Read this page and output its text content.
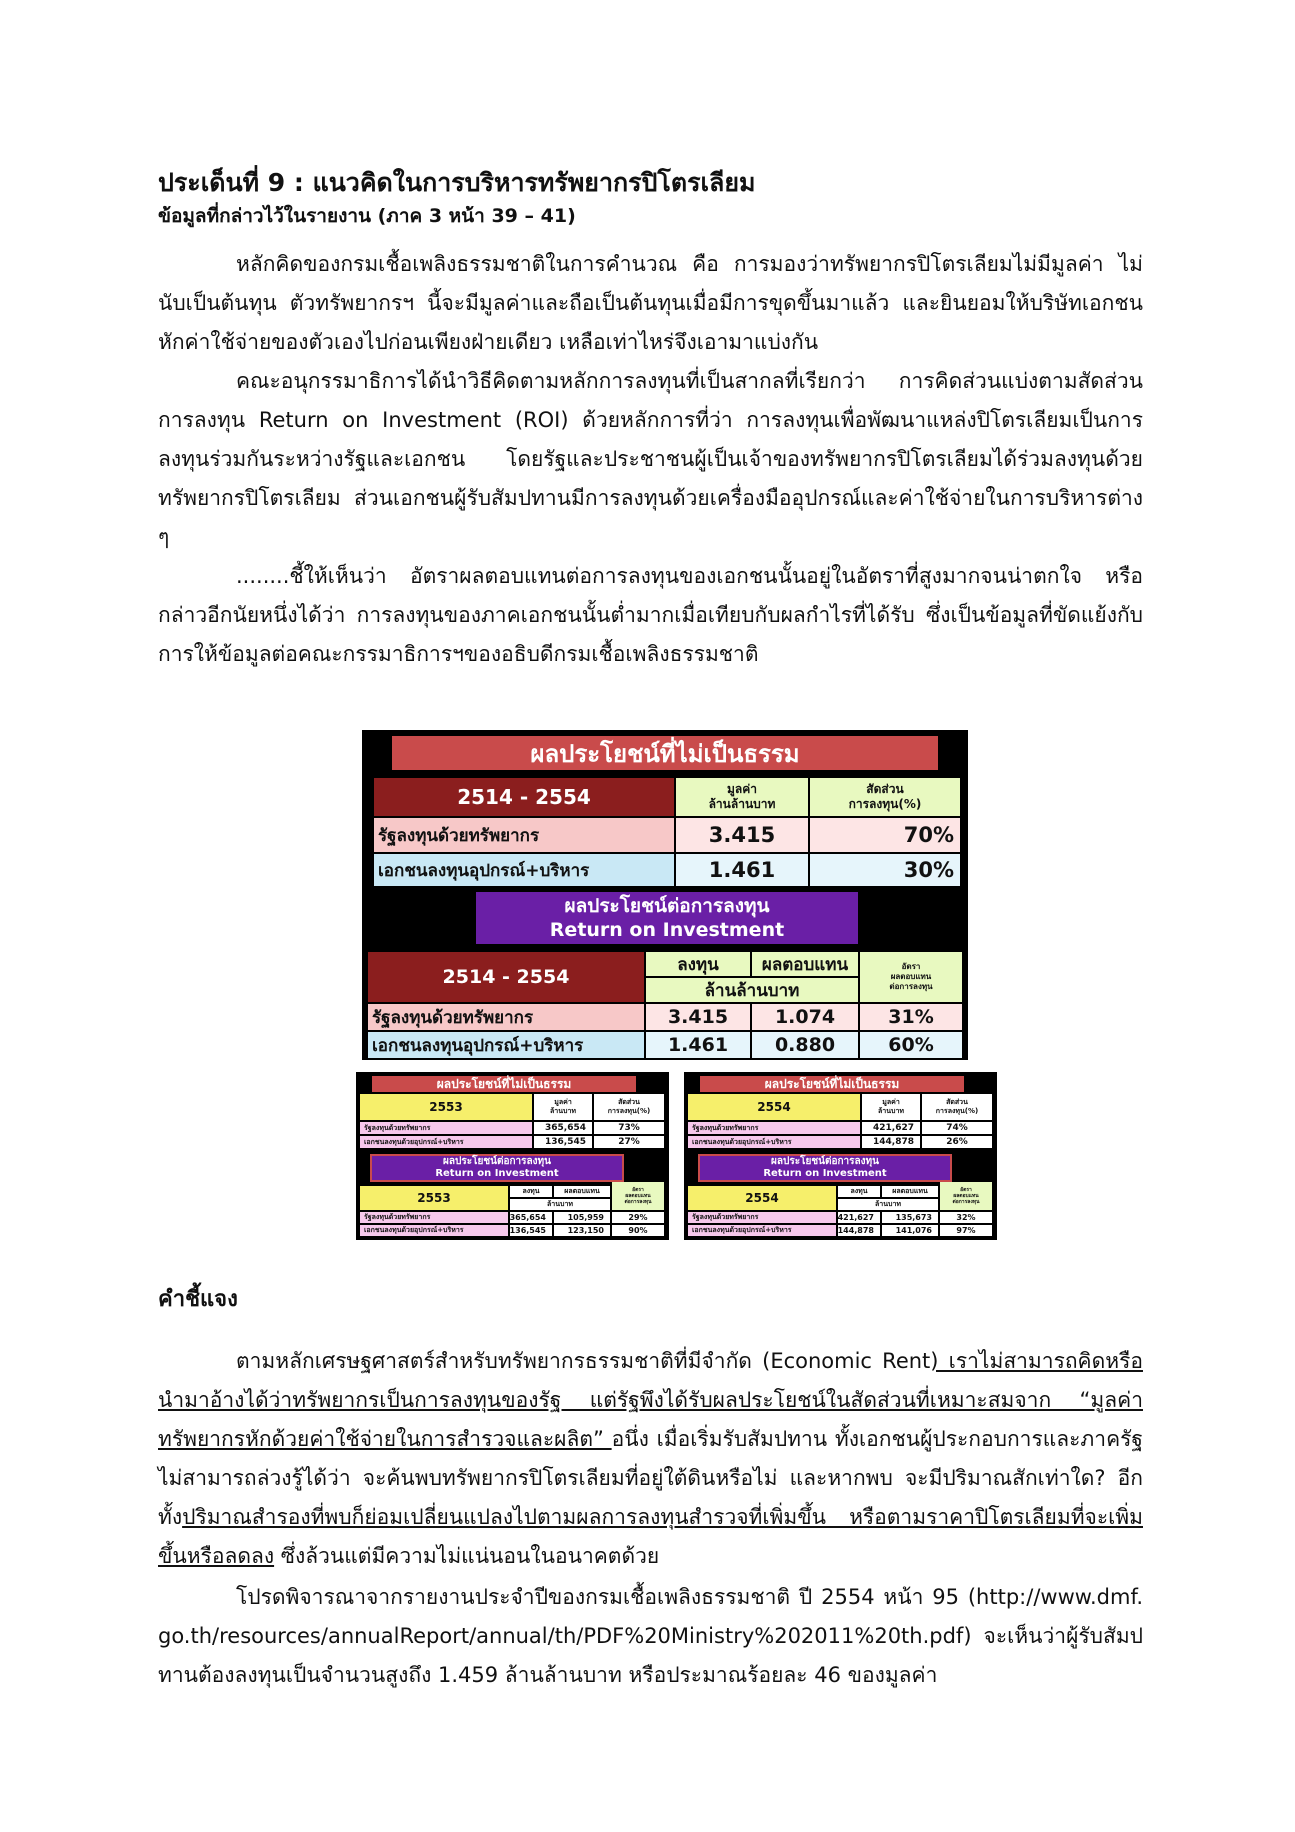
ประเด็นที่ 9 : แนวคิดในการบริหารทรัพยากรปิโตรเลียม
ข้อมูลที่กล่าวไว้ในรายงาน (ภาค 3 หน้า 39 – 41)

หลักคิดของกรมเชื้อเพลิงธรรมชาติในการคำนวณ คือ การมองว่าทรัพยากรปิโตรเลียมไม่มีมูลค่า ไม่นับเป็นต้นทุน ตัวทรัพยากรฯ นี้จะมีมูลค่าและถือเป็นต้นทุนเมื่อมีการขุดขึ้นมาแล้ว และยินยอมให้บริษัทเอกชนหักค่าใช้จ่ายของตัวเองไปก่อนเพียงฝ่ายเดียว เหลือเท่าไหร่จึงเอามาแบ่งกัน

คณะอนุกรรมาธิการได้นำวิธีคิดตามหลักการลงทุนที่เป็นสากลที่เรียกว่า การคิดส่วนแบ่งตามสัดส่วนการลงทุน Return on Investment (ROI) ด้วยหลักการที่ว่า การลงทุนเพื่อพัฒนาแหล่งปิโตรเลียมเป็นการลงทุนร่วมกันระหว่างรัฐและเอกชน โดยรัฐและประชาชนผู้เป็นเจ้าของทรัพยากรปิโตรเลียมได้ร่วมลงทุนด้วยทรัพยากรปิโตรเลียม ส่วนเอกชนผู้รับสัมปทานมีการลงทุนด้วยเครื่องมืออุปกรณ์และค่าใช้จ่ายในการบริหารต่าง ๆ

........ชี้ให้เห็นว่า อัตราผลตอบแทนต่อการลงทุนของเอกชนนั้นอยู่ในอัตราที่สูงมากจนน่าตกใจ หรือกล่าวอีกนัยหนึ่งได้ว่า การลงทุนของภาคเอกชนนั้นต่ำมากเมื่อเทียบกับผลกำไรที่ได้รับ ซึ่งเป็นข้อมูลที่ขัดแย้งกับการให้ข้อมูลต่อคณะกรรมาธิการฯของอธิบดีกรมเชื้อเพลิงธรรมชาติ

ผลประโยชน์ที่ไม่เป็นธรรม
2514 - 2554	มูลค่า
ล้านล้านบาท
สัดส่วน
การลงทุน(%)
รัฐลงทุนด้วยทรัพยากร	3.415	70%
เอกชนลงทุนอุปกรณ์+บริหาร	1.461	30%
ผลประโยชน์ต่อการลงทุน
Return on Investment
2514 - 2554
ลงทุน	ผลตอบแทน
ล้านล้านบาท
อัตรา
ผลตอบแทน
ต่อการลงทุน
รัฐลงทุนด้วยทรัพยากร	3.415	1.074	31%
เอกชนลงทุนอุปกรณ์+บริหาร	1.461	0.880	60%
ผลประโยชน์ที่ไม่เป็นธรรม
2553	มูลค่า
ล้านบาท
สัดส่วน
การลงทุน(%)
รัฐลงทุนด้วยทรัพยากร	365,654	73%
เอกชนลงทุนด้วยอุปกรณ์+บริหาร	136,545	27%
ผลประโยชน์ต่อการลงทุน
Return on Investment
2553	ลงทุน	ผลตอบแทน
ล้านบาท
อัตรา
ผลตอบแทน
ต่อการลงทุน
รัฐลงทุนด้วยทรัพยากร	365,654	105,959	29%
เอกชนลงทุนด้วยอุปกรณ์+บริหาร	136,545	123,150	90%
ผลประโยชน์ที่ไม่เป็นธรรม
2554	มูลค่า
ล้านบาท
สัดส่วน
การลงทุน(%)
รัฐลงทุนด้วยทรัพยากร	421,627	74%
เอกชนลงทุนด้วยอุปกรณ์+บริหาร	144,878	26%
ผลประโยชน์ต่อการลงทุน
Return on Investment
2554	ลงทุน	ผลตอบแทน
ล้านบาท
อัตรา
ผลตอบแทน
ต่อการลงทุน
รัฐลงทุนด้วยทรัพยากร	421,627	135,673	32%
เอกชนลงทุนด้วยอุปกรณ์+บริหาร	144,878	141,076	97%
คำชี้แจง

ตามหลักเศรษฐศาสตร์สำหรับทรัพยากรธรรมชาติที่มีจำกัด (Economic Rent) เราไม่สามารถคิดหรือนำมาอ้างได้ว่าทรัพยากรเป็นการลงทุนของรัฐ แต่รัฐพึงได้รับผลประโยชน์ในสัดส่วนที่เหมาะสมจาก “มูลค่าทรัพยากรหักด้วยค่าใช้จ่ายในการสำรวจและผลิต” อนึ่ง เมื่อเริ่มรับสัมปทาน ทั้งเอกชนผู้ประกอบการและภาครัฐ ไม่สามารถล่วงรู้ได้ว่า จะค้นพบทรัพยากรปิโตรเลียมที่อยู่ใต้ดินหรือไม่ และหากพบ จะมีปริมาณสักเท่าใด? อีกทั้งปริมาณสำรองที่พบก็ย่อมเปลี่ยนแปลงไปตามผลการลงทุนสำรวจที่เพิ่มขึ้น หรือตามราคาปิโตรเลียมที่จะเพิ่มขึ้นหรือลดลง ซึ่งล้วนแต่มีความไม่แน่นอนในอนาคตด้วย

โปรดพิจารณาจากรายงานประจำปีของกรมเชื้อเพลิงธรรมชาติ ปี 2554 หน้า 95 (http://www.dmf.go.th/resources/annualReport/annual/th/PDF%20Ministry%202011%20th.pdf) จะเห็นว่าผู้รับสัมปทานต้องลงทุนเป็นจำนวนสูงถึง 1.459 ล้านล้านบาท หรือประมาณร้อยละ 46 ของมูลค่า
